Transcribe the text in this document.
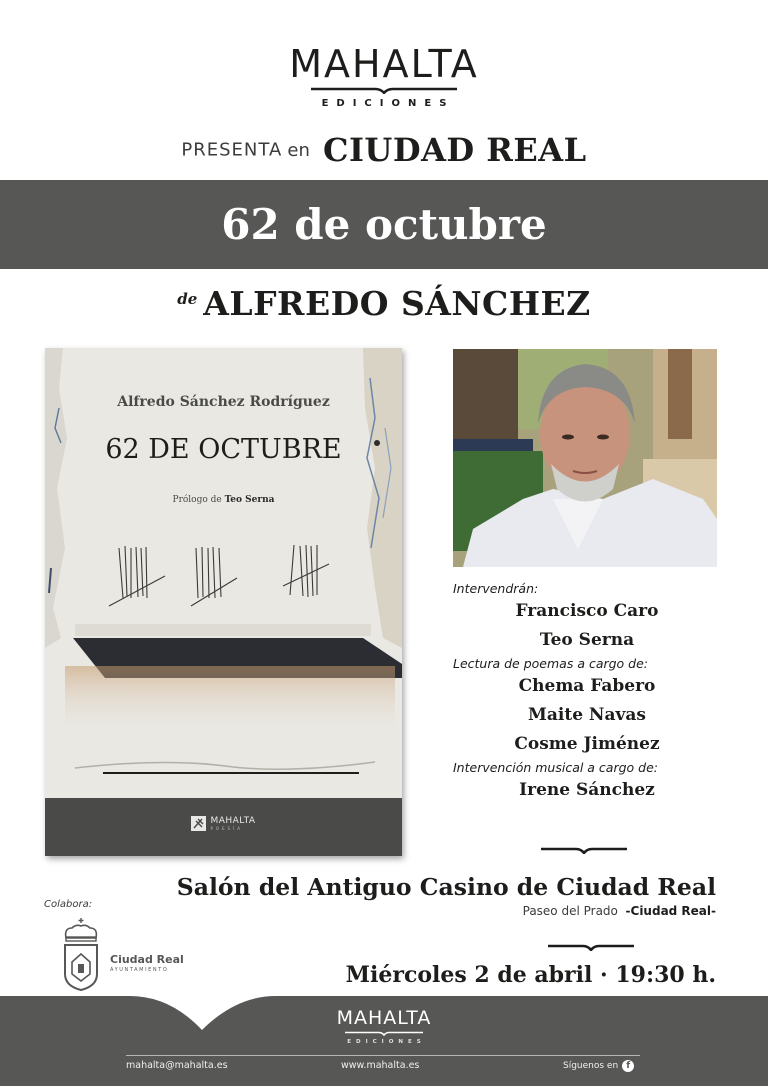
MAHALTA
EDICIONES
PRESENTA en CIUDAD REAL
62 de octubre
de ALFREDO SÁNCHEZ
Alfredo Sánchez Rodríguez
62 DE OCTUBRE
Prólogo de Teo Serna
MAHALTA
POESÍA
Intervendrán:
Francisco Caro
Teo Serna
Lectura de poemas a cargo de:
Chema Fabero
Maite Navas
Cosme Jiménez
Intervención musical a cargo de:
Irene Sánchez
Salón del Antiguo Casino de Ciudad Real
Paseo del Prado -Ciudad Real-
Miércoles 2 de abril · 19:30 h.
Colabora:
Ciudad Real
AYUNTAMIENTO
MAHALTA
EDICIONES
mahalta@mahalta.es	www.mahalta.es	Síguenos en f
